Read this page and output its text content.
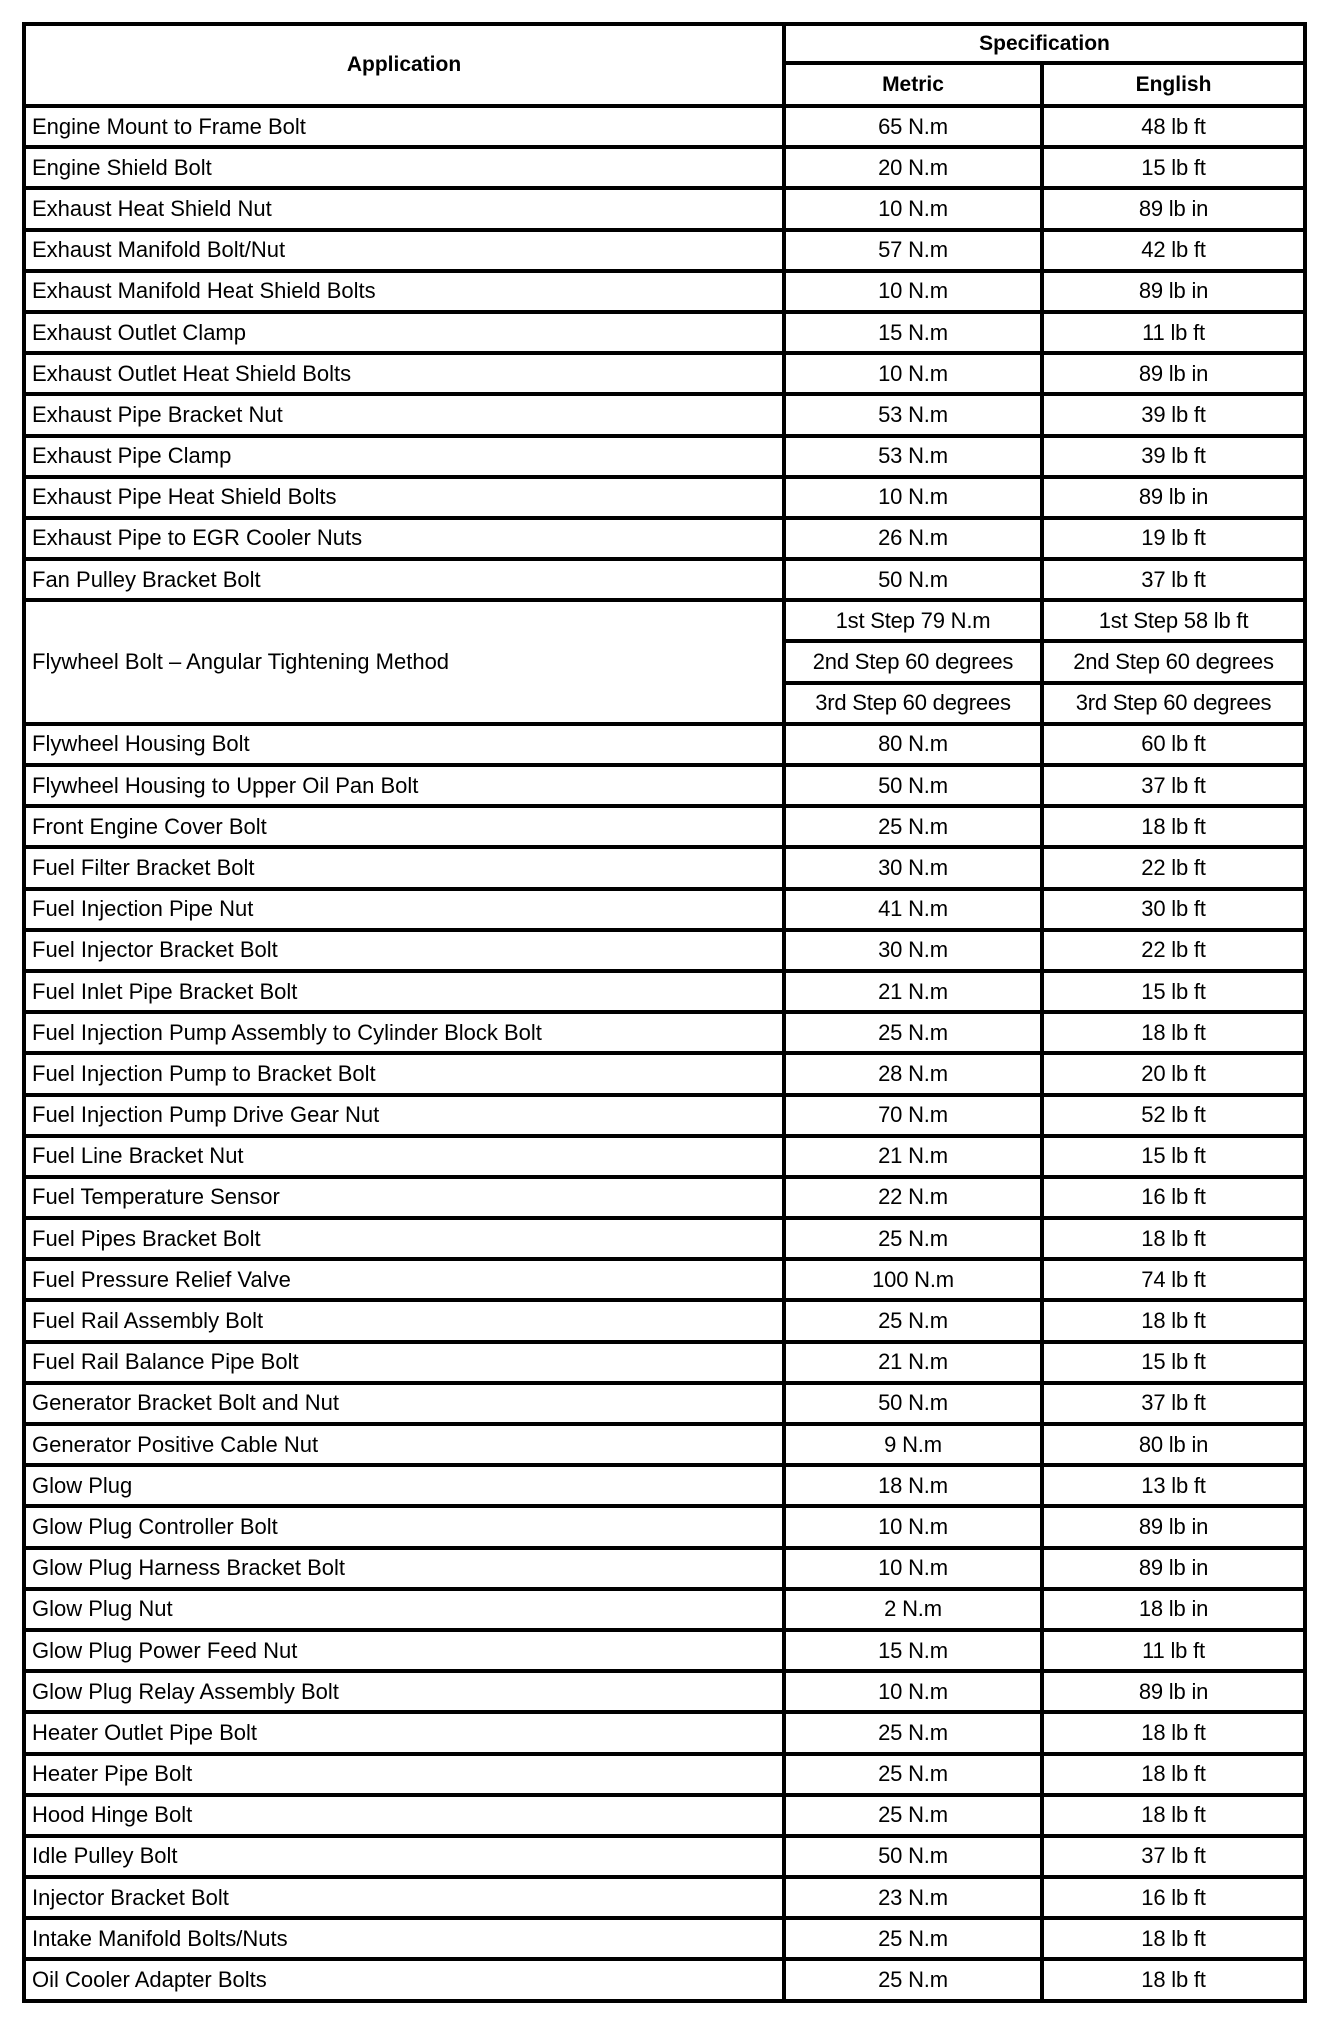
Application	Specification	
	Metric	English
Engine Mount to Frame Bolt	65 N.m	48 lb ft
Engine Shield Bolt	20 N.m	15 lb ft
Exhaust Heat Shield Nut	10 N.m	89 lb in
Exhaust Manifold Bolt/Nut	57 N.m	42 lb ft
Exhaust Manifold Heat Shield Bolts	10 N.m	89 lb in
Exhaust Outlet Clamp	15 N.m	11 lb ft
Exhaust Outlet Heat Shield Bolts	10 N.m	89 lb in
Exhaust Pipe Bracket Nut	53 N.m	39 lb ft
Exhaust Pipe Clamp	53 N.m	39 lb ft
Exhaust Pipe Heat Shield Bolts	10 N.m	89 lb in
Exhaust Pipe to EGR Cooler Nuts	26 N.m	19 lb ft
Fan Pulley Bracket Bolt	50 N.m	37 lb ft
Flywheel Bolt – Angular Tightening Method	1st Step 79 N.m	1st Step 58 lb ft
	2nd Step 60 degrees	2nd Step 60 degrees
	3rd Step 60 degrees	3rd Step 60 degrees
Flywheel Housing Bolt	80 N.m	60 lb ft
Flywheel Housing to Upper Oil Pan Bolt	50 N.m	37 lb ft
Front Engine Cover Bolt	25 N.m	18 lb ft
Fuel Filter Bracket Bolt	30 N.m	22 lb ft
Fuel Injection Pipe Nut	41 N.m	30 lb ft
Fuel Injector Bracket Bolt	30 N.m	22 lb ft
Fuel Inlet Pipe Bracket Bolt	21 N.m	15 lb ft
Fuel Injection Pump Assembly to Cylinder Block Bolt	25 N.m	18 lb ft
Fuel Injection Pump to Bracket Bolt	28 N.m	20 lb ft
Fuel Injection Pump Drive Gear Nut	70 N.m	52 lb ft
Fuel Line Bracket Nut	21 N.m	15 lb ft
Fuel Temperature Sensor	22 N.m	16 lb ft
Fuel Pipes Bracket Bolt	25 N.m	18 lb ft
Fuel Pressure Relief Valve	100 N.m	74 lb ft
Fuel Rail Assembly Bolt	25 N.m	18 lb ft
Fuel Rail Balance Pipe Bolt	21 N.m	15 lb ft
Generator Bracket Bolt and Nut	50 N.m	37 lb ft
Generator Positive Cable Nut	9 N.m	80 lb in
Glow Plug	18 N.m	13 lb ft
Glow Plug Controller Bolt	10 N.m	89 lb in
Glow Plug Harness Bracket Bolt	10 N.m	89 lb in
Glow Plug Nut	2 N.m	18 lb in
Glow Plug Power Feed Nut	15 N.m	11 lb ft
Glow Plug Relay Assembly Bolt	10 N.m	89 lb in
Heater Outlet Pipe Bolt	25 N.m	18 lb ft
Heater Pipe Bolt	25 N.m	18 lb ft
Hood Hinge Bolt	25 N.m	18 lb ft
Idle Pulley Bolt	50 N.m	37 lb ft
Injector Bracket Bolt	23 N.m	16 lb ft
Intake Manifold Bolts/Nuts	25 N.m	18 lb ft
Oil Cooler Adapter Bolts	25 N.m	18 lb ft
